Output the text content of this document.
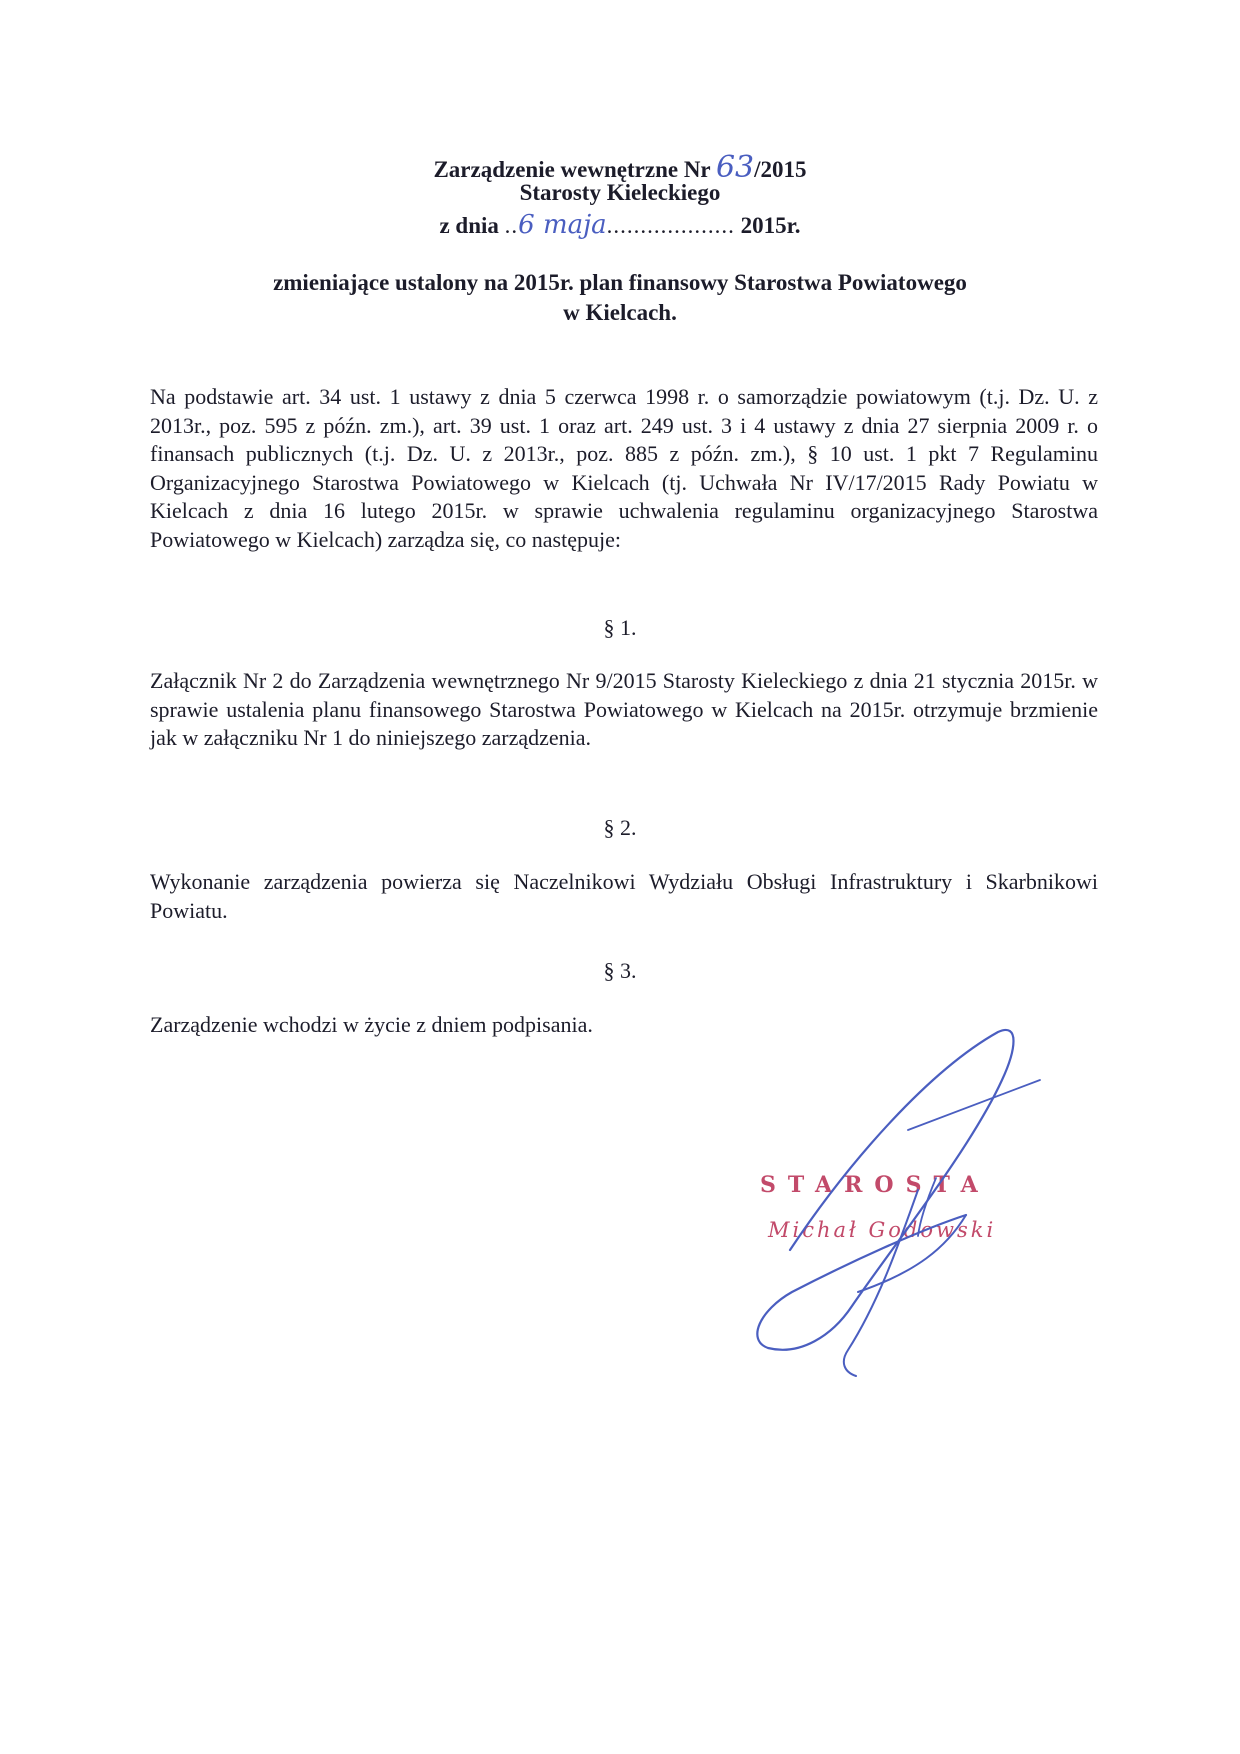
Zarządzenie wewnętrzne Nr 63/2015
Starosty Kieleckiego
z dnia ..6 maja................... 2015r.
zmieniające ustalony na 2015r. plan finansowy Starostwa Powiatowego
w Kielcach.

Na podstawie art. 34 ust. 1 ustawy z dnia 5 czerwca 1998 r. o samorządzie powiatowym (t.j. Dz. U. z 2013r., poz. 595 z późn. zm.), art. 39 ust. 1 oraz art. 249 ust. 3 i 4 ustawy z dnia 27 sierpnia 2009 r. o finansach publicznych (t.j. Dz. U. z 2013r., poz. 885 z późn. zm.), § 10 ust. 1 pkt 7 Regulaminu Organizacyjnego Starostwa Powiatowego w Kielcach (tj. Uchwała Nr IV/17/2015 Rady Powiatu w Kielcach z dnia 16 lutego 2015r. w sprawie uchwalenia regulaminu organizacyjnego Starostwa Powiatowego w Kielcach) zarządza się, co następuje:

§ 1.

Załącznik Nr 2 do Zarządzenia wewnętrznego Nr 9/2015 Starosty Kieleckiego z dnia 21 stycznia 2015r. w sprawie ustalenia planu finansowego Starostwa Powiatowego w Kielcach na 2015r. otrzymuje brzmienie jak w załączniku Nr 1 do niniejszego zarządzenia.

§ 2.

Wykonanie zarządzenia powierza się Naczelnikowi Wydziału Obsługi Infrastruktury i Skarbnikowi Powiatu.

§ 3.

Zarządzenie wchodzi w życie z dniem podpisania.

STAROSTA
Michał Godowski
